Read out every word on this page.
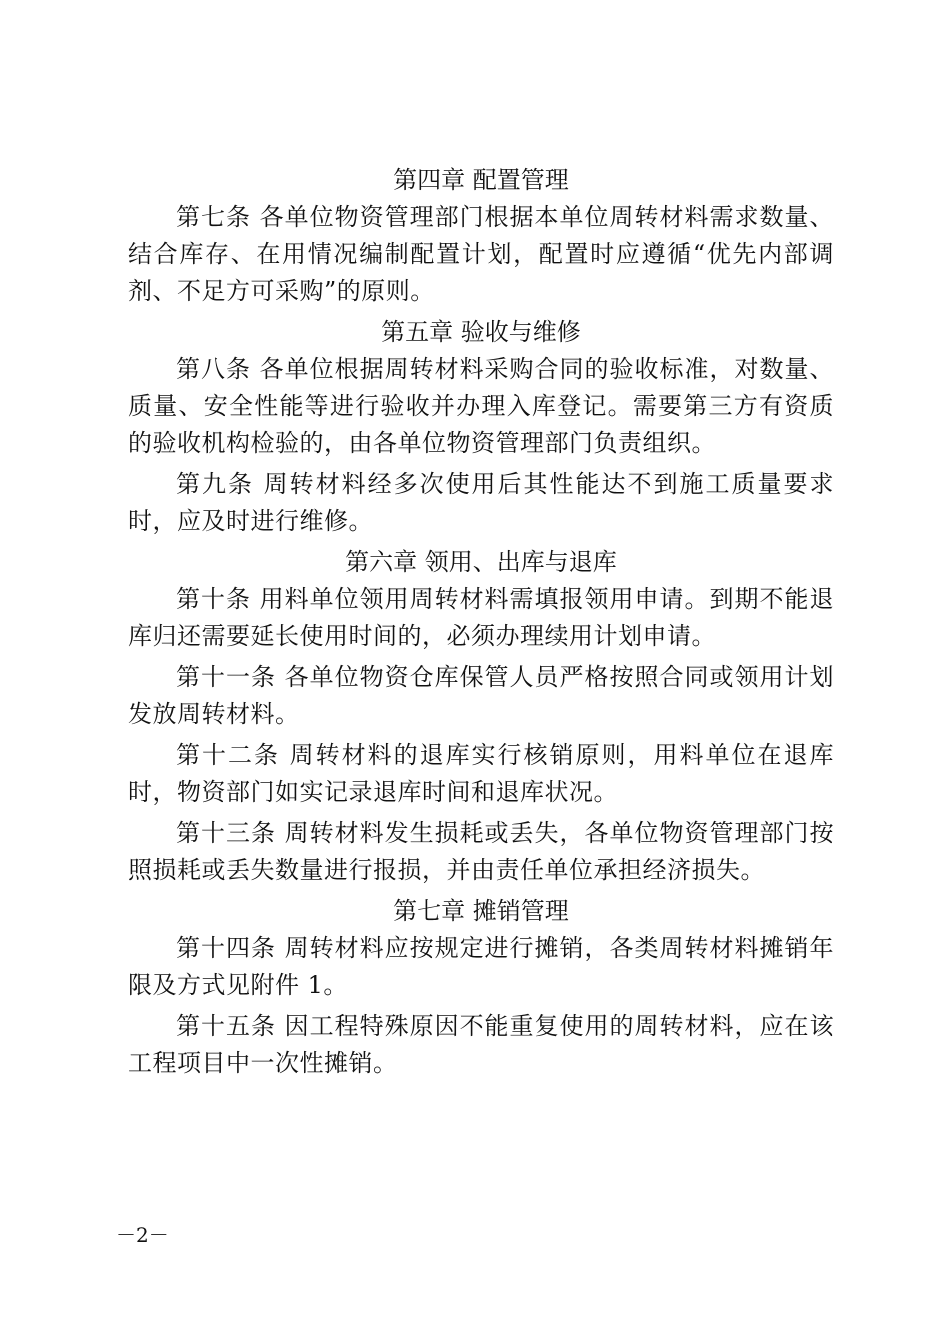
第四章 配置管理

第七条 各单位物资管理部门根据本单位周转材料需求数量、结合库存、在用情况编制配置计划，配置时应遵循“优先内部调剂、不足方可采购”的原则。

第五章 验收与维修

第八条 各单位根据周转材料采购合同的验收标准，对数量、质量、安全性能等进行验收并办理入库登记。需要第三方有资质的验收机构检验的，由各单位物资管理部门负责组织。

第九条 周转材料经多次使用后其性能达不到施工质量要求时，应及时进行维修。

第六章 领用、出库与退库

第十条 用料单位领用周转材料需填报领用申请。到期不能退库归还需要延长使用时间的，必须办理续用计划申请。

第十一条 各单位物资仓库保管人员严格按照合同或领用计划发放周转材料。

第十二条 周转材料的退库实行核销原则，用料单位在退库时，物资部门如实记录退库时间和退库状况。

第十三条 周转材料发生损耗或丢失，各单位物资管理部门按照损耗或丢失数量进行报损，并由责任单位承担经济损失。

第七章 摊销管理

第十四条 周转材料应按规定进行摊销，各类周转材料摊销年限及方式见附件 1。

第十五条 因工程特殊原因不能重复使用的周转材料，应在该工程项目中一次性摊销。

－2－
